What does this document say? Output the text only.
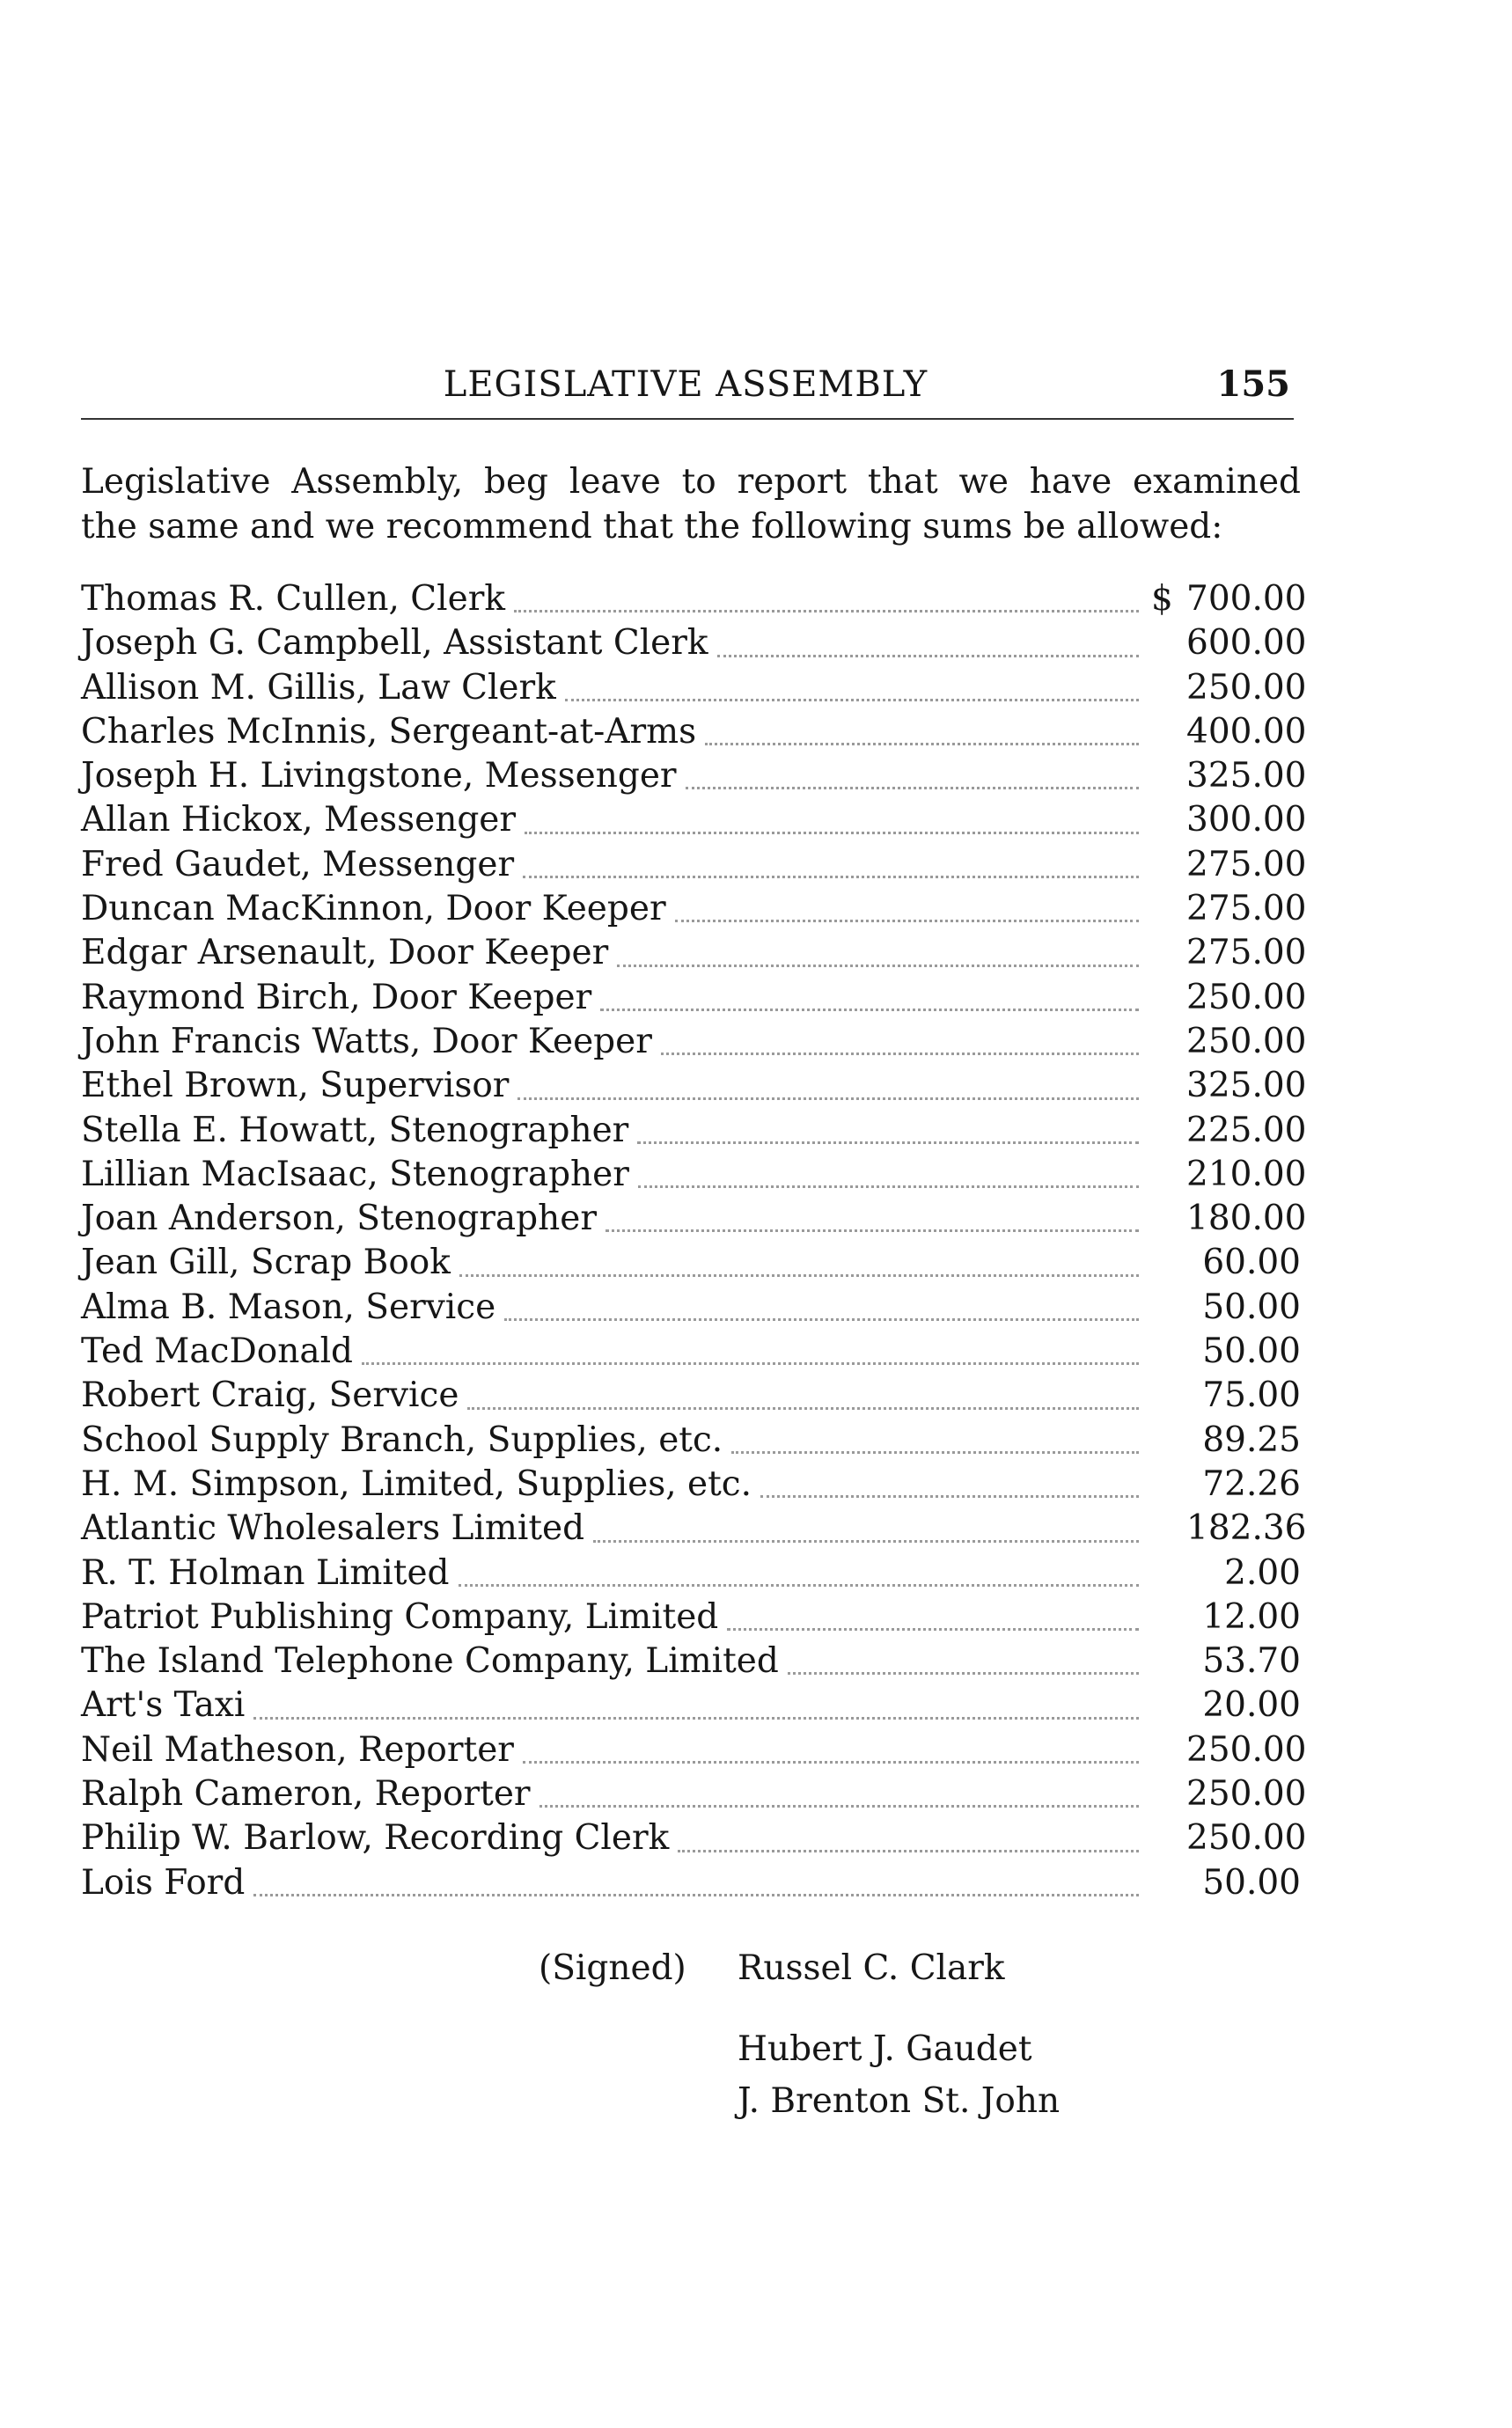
LEGISLATIVE ASSEMBLY	155
Legislative Assembly, beg leave to report that we have examined
the same and we recommend that the following sums be allowed:
Thomas R. Cullen, Clerk	$ 700.00
Joseph G. Campbell, Assistant Clerk	600.00
Allison M. Gillis, Law Clerk	250.00
Charles McInnis, Sergeant-at-Arms	400.00
Joseph H. Livingstone, Messenger	325.00
Allan Hickox, Messenger	300.00
Fred Gaudet, Messenger	275.00
Duncan MacKinnon, Door Keeper	275.00
Edgar Arsenault, Door Keeper	275.00
Raymond Birch, Door Keeper	250.00
John Francis Watts, Door Keeper	250.00
Ethel Brown, Supervisor	325.00
Stella E. Howatt, Stenographer	225.00
Lillian MacIsaac, Stenographer	210.00
Joan Anderson, Stenographer	180.00
Jean Gill, Scrap Book	60.00
Alma B. Mason, Service	50.00
Ted MacDonald	50.00
Robert Craig, Service	75.00
School Supply Branch, Supplies, etc.	89.25
H. M. Simpson, Limited, Supplies, etc.	72.26
Atlantic Wholesalers Limited	182.36
R. T. Holman Limited	2.00
Patriot Publishing Company, Limited	12.00
The Island Telephone Company, Limited	53.70
Art's Taxi	20.00
Neil Matheson, Reporter	250.00
Ralph Cameron, Reporter	250.00
Philip W. Barlow, Recording Clerk	250.00
Lois Ford	50.00
(Signed) Russel C. Clark
Hubert J. Gaudet
J. Brenton St. John
